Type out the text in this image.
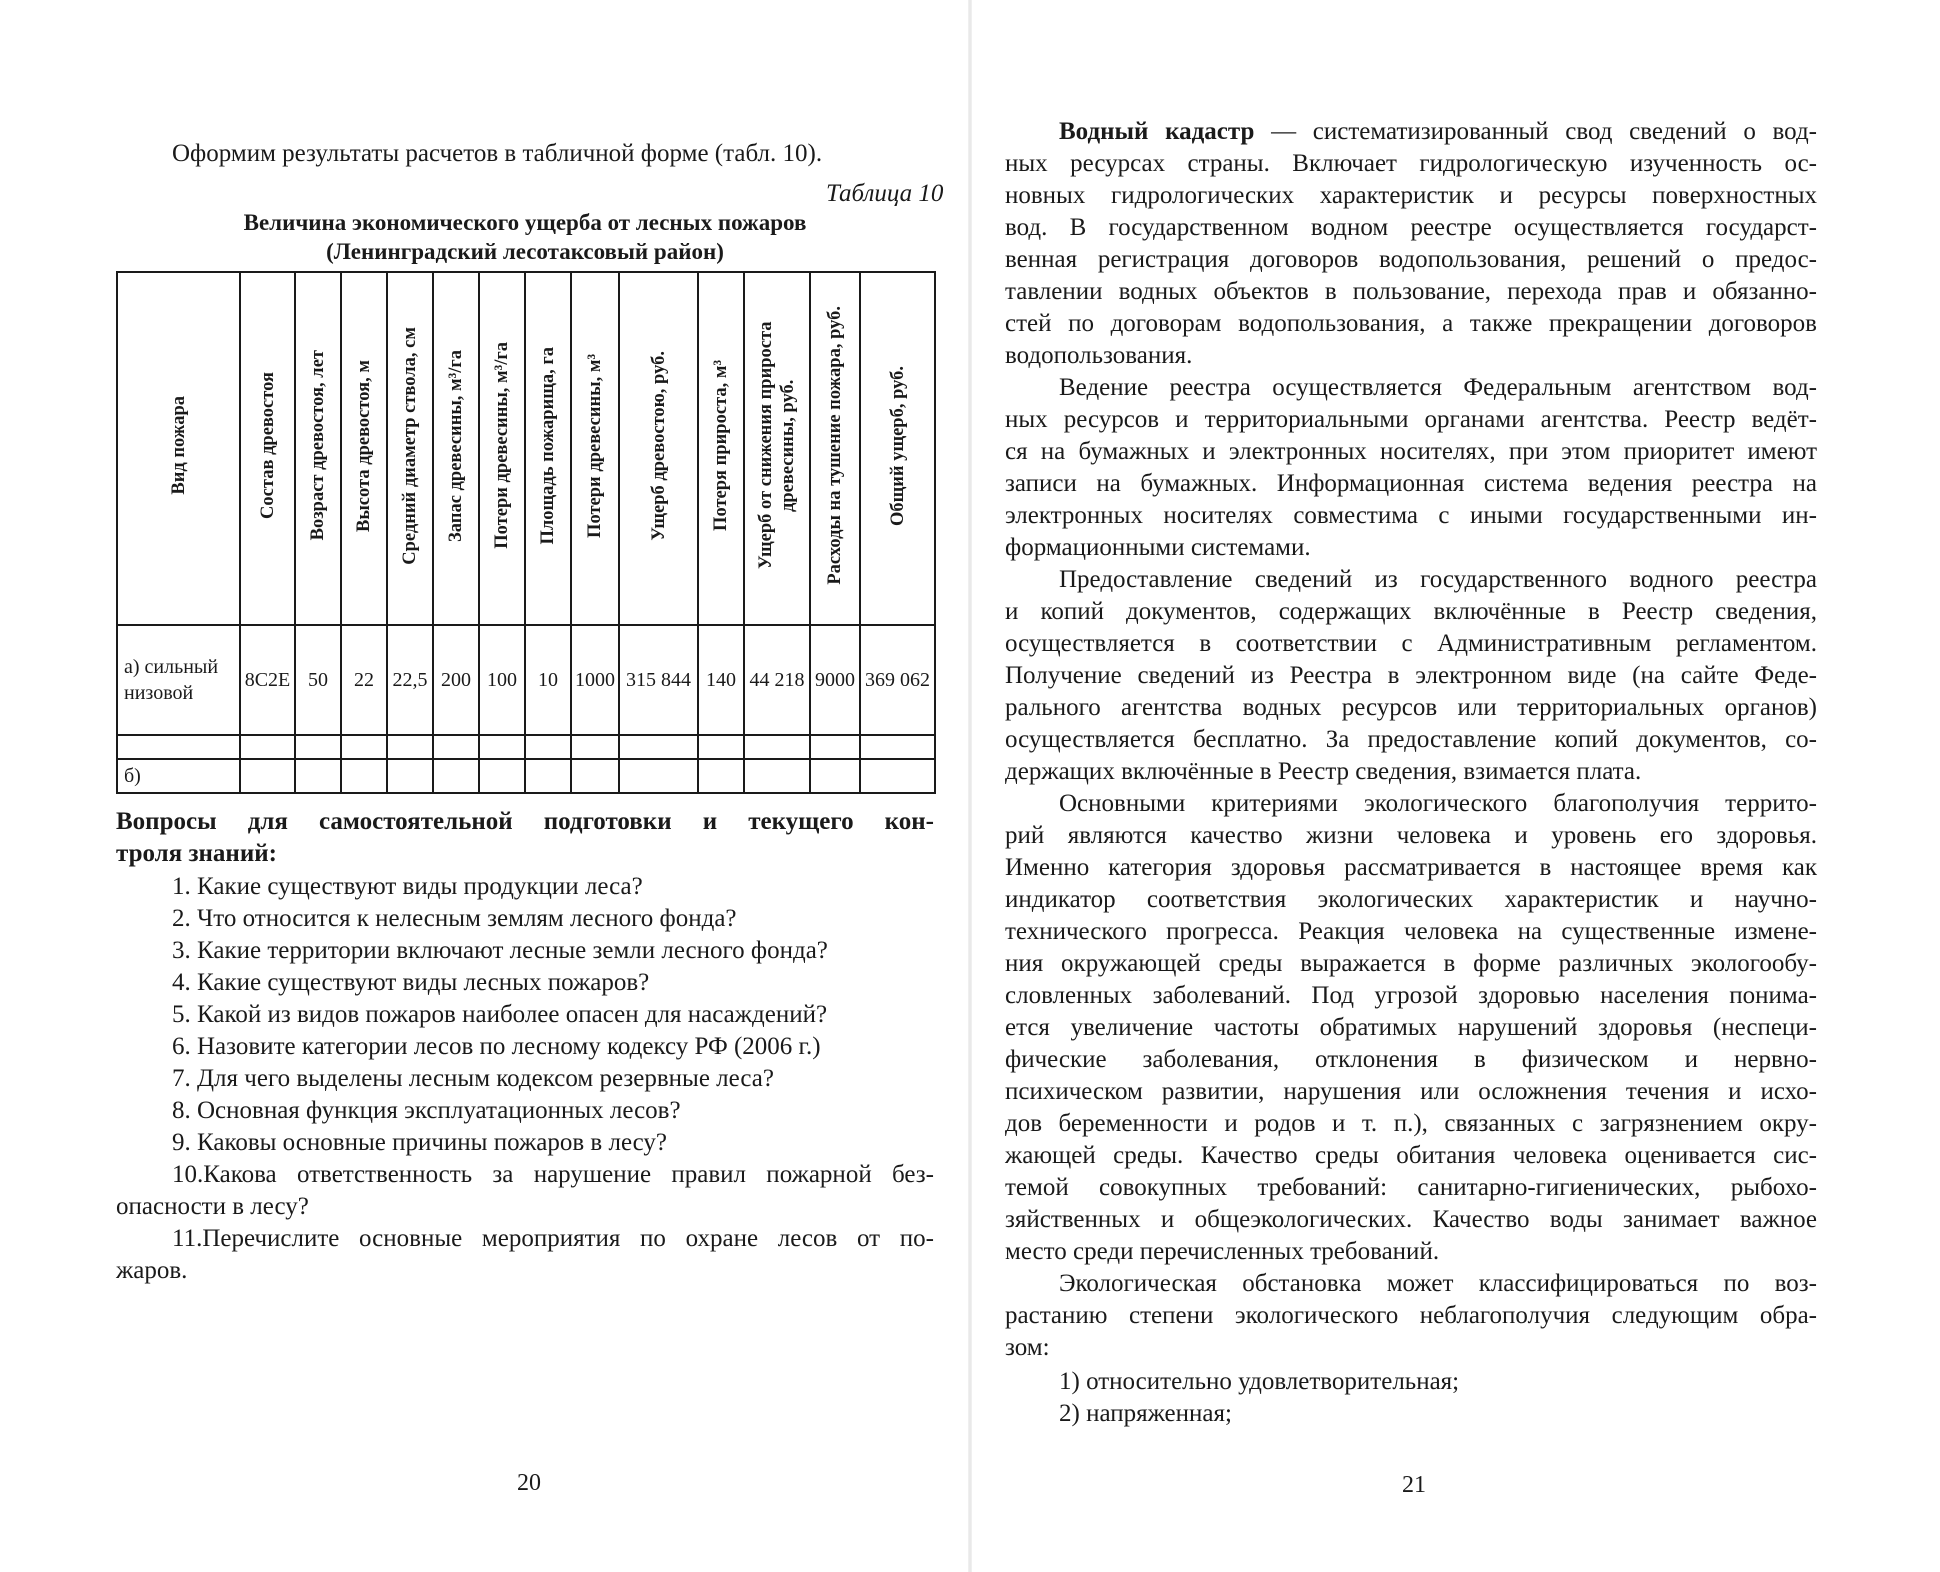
Оформим результаты расчетов в табличной форме (табл. 10).
Таблица 10
Величина экономического ущерба от лесных пожаров
(Ленинградский лесотаксовый район)
Вид пожара	Состав древостоя	Возраст древостоя, лет	Высота древостоя, м	Средний диаметр ствола, см	Запас древесины, м³/га	Потери древесины, м³/га	Площадь пожарища, га	Потери древесины, м³	Ущерб древостою, руб.	Потеря прироста, м³	Ущерб от снижения прироста древесины, руб.	Расходы на тушение пожара, руб.	Общий ущерб, руб.

а) сильный
низовой	8С2Е	50	22	22,5	200	100	10	1000	315 844	140	44 218	9000	369 062

б)													
Вопросы для самостоятельной подготовки и текущего кон-
троля знаний:
1. Какие существуют виды продукции леса?
2. Что относится к нелесным землям лесного фонда?
3. Какие территории включают лесные земли лесного фонда?
4. Какие существуют виды лесных пожаров?
5. Какой из видов пожаров наиболее опасен для насаждений?
6. Назовите категории лесов по лесному кодексу РФ (2006 г.)
7. Для чего выделены лесным кодексом резервные леса?
8. Основная функция эксплуатационных лесов?
9. Каковы основные причины пожаров в лесу?
10.Какова ответственность за нарушение правил пожарной без-
опасности в лесу?
11.Перечислите основные мероприятия по охране лесов от по-
жаров.
20
Водный кадастр — систематизированный свод сведений о вод-
ных ресурсах страны. Включает гидрологическую изученность ос-
новных гидрологических характеристик и ресурсы поверхностных
вод. В государственном водном реестре осуществляется государст-
венная регистрация договоров водопользования, решений о предос-
тавлении водных объектов в пользование, перехода прав и обязанно-
стей по договорам водопользования, а также прекращении договоров
водопользования.
Ведение реестра осуществляется Федеральным агентством вод-
ных ресурсов и территориальными органами агентства. Реестр ведёт-
ся на бумажных и электронных носителях, при этом приоритет имеют
записи на бумажных. Информационная система ведения реестра на
электронных носителях совместима с иными государственными ин-
формационными системами.
Предоставление сведений из государственного водного реестра
и копий документов, содержащих включённые в Реестр сведения,
осуществляется в соответствии с Административным регламентом.
Получение сведений из Реестра в электронном виде (на сайте Феде-
рального агентства водных ресурсов или территориальных органов)
осуществляется бесплатно. За предоставление копий документов, со-
держащих включённые в Реестр сведения, взимается плата.
Основными критериями экологического благополучия террито-
рий являются качество жизни человека и уровень его здоровья.
Именно категория здоровья рассматривается в настоящее время как
индикатор соответствия экологических характеристик и научно-
технического прогресса. Реакция человека на существенные измене-
ния окружающей среды выражается в форме различных экологообу-
словленных заболеваний. Под угрозой здоровью населения понима-
ется увеличение частоты обратимых нарушений здоровья (неспеци-
фические заболевания, отклонения в физическом и нервно-
психическом развитии, нарушения или осложнения течения и исхо-
дов беременности и родов и т. п.), связанных с загрязнением окру-
жающей среды. Качество среды обитания человека оценивается сис-
темой совокупных требований: санитарно-гигиенических, рыбохо-
зяйственных и общеэкологических. Качество воды занимает важное
место среди перечисленных требований.
Экологическая обстановка может классифицироваться по воз-
растанию степени экологического неблагополучия следующим обра-
зом:
1) относительно удовлетворительная;
2) напряженная;
21
